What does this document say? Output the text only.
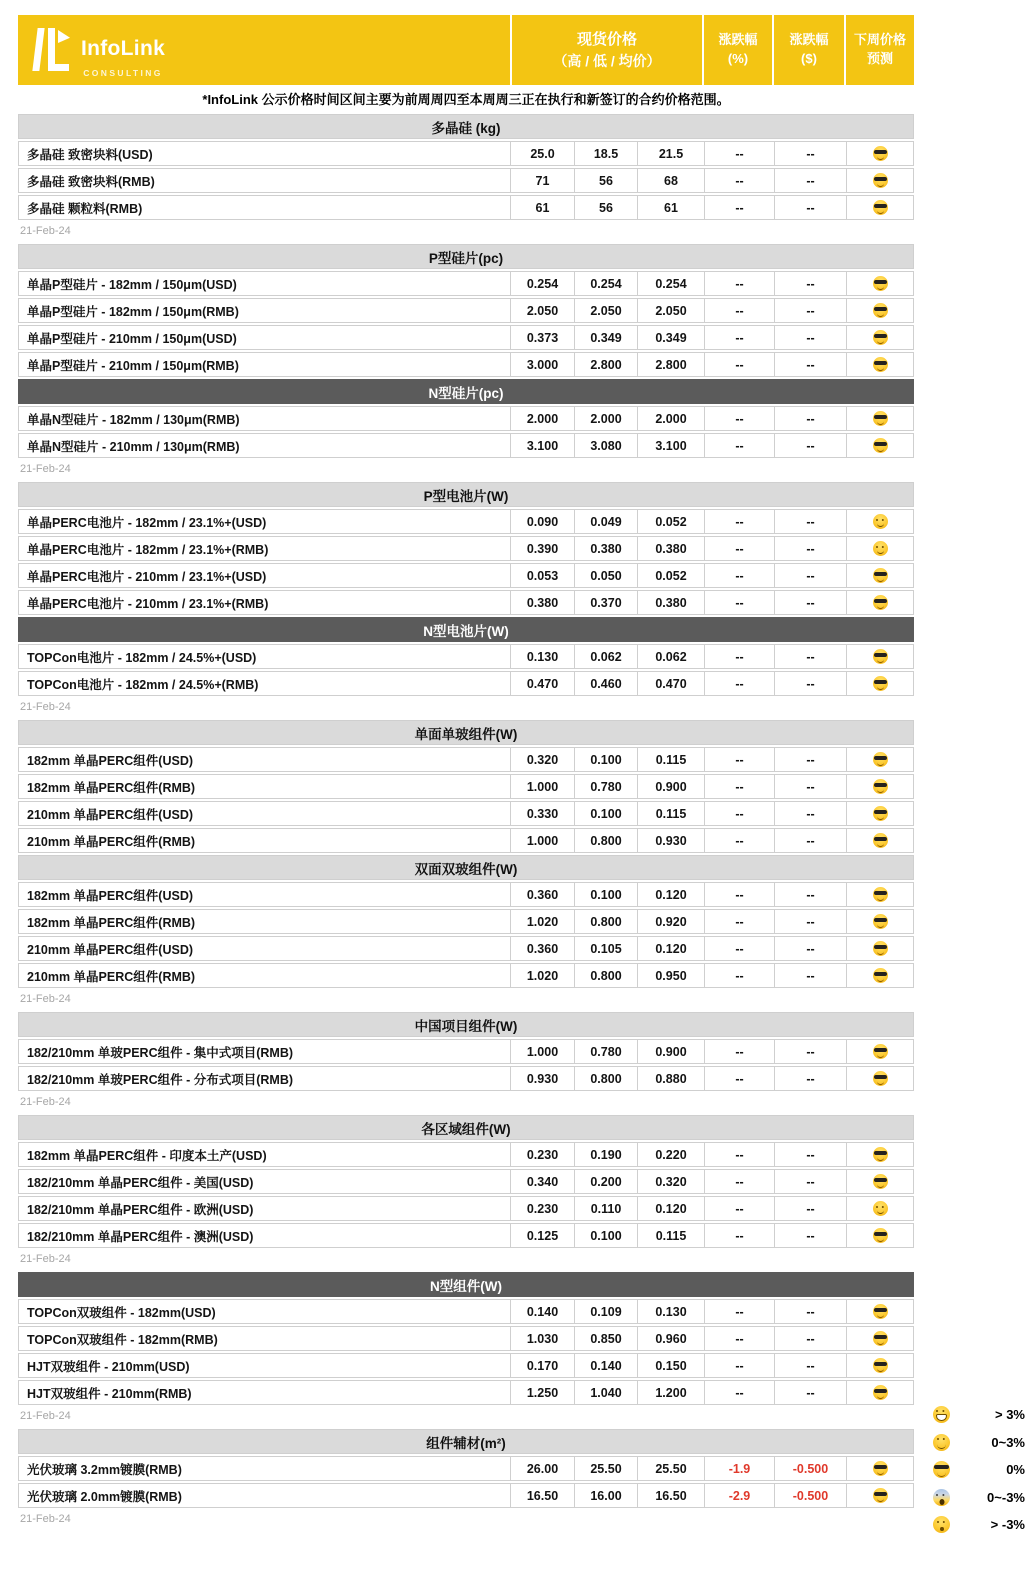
InfoLink
CONSULTING
现货价格
（高 / 低 / 均价）
涨跌幅
(%)
涨跌幅
($)
下周价格
预测
*InfoLink 公示价格时间区间主要为前周周四至本周周三正在执行和新签订的合约价格范围。
多晶硅 (kg)
多晶硅 致密块料(USD)	25.0	18.5	21.5	--	--
多晶硅 致密块料(RMB)	71	56	68	--	--
多晶硅 颗粒料(RMB)	61	56	61	--	--
21-Feb-24
P型硅片(pc)
单晶P型硅片 - 182mm / 150μm(USD)	0.254	0.254	0.254	--	--
单晶P型硅片 - 182mm / 150μm(RMB)	2.050	2.050	2.050	--	--
单晶P型硅片 - 210mm / 150μm(USD)	0.373	0.349	0.349	--	--
单晶P型硅片 - 210mm / 150μm(RMB)	3.000	2.800	2.800	--	--
N型硅片(pc)
单晶N型硅片 - 182mm / 130μm(RMB)	2.000	2.000	2.000	--	--
单晶N型硅片 - 210mm / 130μm(RMB)	3.100	3.080	3.100	--	--
21-Feb-24
P型电池片(W)
单晶PERC电池片 - 182mm / 23.1%+(USD)	0.090	0.049	0.052	--	--
单晶PERC电池片 - 182mm / 23.1%+(RMB)	0.390	0.380	0.380	--	--
单晶PERC电池片 - 210mm / 23.1%+(USD)	0.053	0.050	0.052	--	--
单晶PERC电池片 - 210mm / 23.1%+(RMB)	0.380	0.370	0.380	--	--
N型电池片(W)
TOPCon电池片 - 182mm / 24.5%+(USD)	0.130	0.062	0.062	--	--
TOPCon电池片 - 182mm / 24.5%+(RMB)	0.470	0.460	0.470	--	--
21-Feb-24
单面单玻组件(W)
182mm 单晶PERC组件(USD)	0.320	0.100	0.115	--	--
182mm 单晶PERC组件(RMB)	1.000	0.780	0.900	--	--
210mm 单晶PERC组件(USD)	0.330	0.100	0.115	--	--
210mm 单晶PERC组件(RMB)	1.000	0.800	0.930	--	--
双面双玻组件(W)
182mm 单晶PERC组件(USD)	0.360	0.100	0.120	--	--
182mm 单晶PERC组件(RMB)	1.020	0.800	0.920	--	--
210mm 单晶PERC组件(USD)	0.360	0.105	0.120	--	--
210mm 单晶PERC组件(RMB)	1.020	0.800	0.950	--	--
21-Feb-24
中国项目组件(W)
182/210mm 单玻PERC组件 - 集中式项目(RMB)	1.000	0.780	0.900	--	--
182/210mm 单玻PERC组件 - 分布式项目(RMB)	0.930	0.800	0.880	--	--
21-Feb-24
各区域组件(W)
182mm 单晶PERC组件 - 印度本土产(USD)	0.230	0.190	0.220	--	--
182/210mm 单晶PERC组件 - 美国(USD)	0.340	0.200	0.320	--	--
182/210mm 单晶PERC组件 - 欧洲(USD)	0.230	0.110	0.120	--	--
182/210mm 单晶PERC组件 - 澳洲(USD)	0.125	0.100	0.115	--	--
21-Feb-24
N型组件(W)
TOPCon双玻组件 - 182mm(USD)	0.140	0.109	0.130	--	--
TOPCon双玻组件 - 182mm(RMB)	1.030	0.850	0.960	--	--
HJT双玻组件 - 210mm(USD)	0.170	0.140	0.150	--	--
HJT双玻组件 - 210mm(RMB)	1.250	1.040	1.200	--	--
21-Feb-24
组件辅材(m²)
光伏玻璃 3.2mm镀膜(RMB)	26.00	25.50	25.50	-1.9	-0.500
光伏玻璃 2.0mm镀膜(RMB)	16.50	16.00	16.50	-2.9	-0.500
21-Feb-24
> 3%
0~3%
0%
0~-3%
> -3%
